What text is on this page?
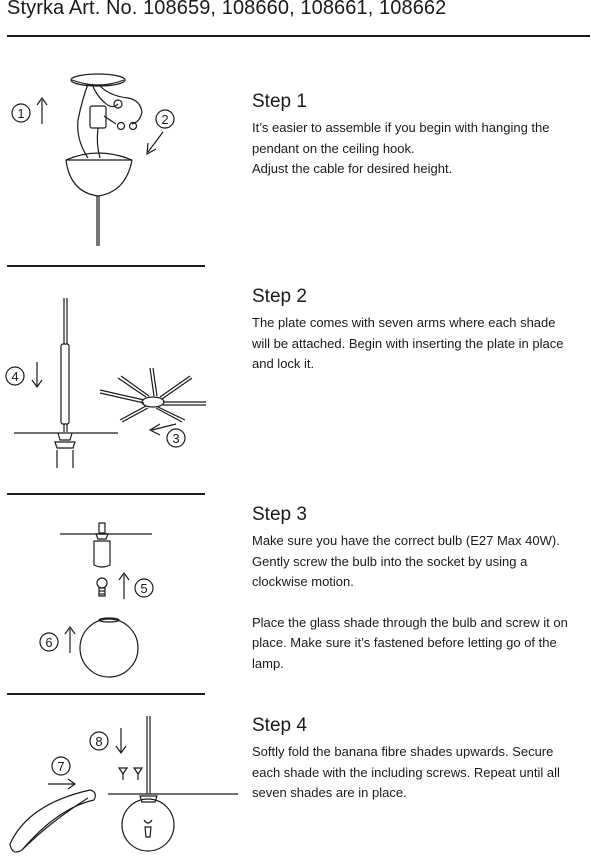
Styrka Art. No. 108659, 108660, 108661, 108662
1	2
Step 1

It’s easier to assemble if you begin with hanging the
pendant on the ceiling hook.
Adjust the cable for desired height.

4
3
Step 2

The plate comes with seven arms where each shade
will be attached. Begin with inserting the plate in place
and lock it.

5
6
Step 3

Make sure you have the correct bulb (E27 Max 40W).
Gently screw the bulb into the socket by using a
clockwise motion.

Place the glass shade through the bulb and screw it on
place. Make sure it’s fastened before letting go of the
lamp.

7
8
Step 4

Softly fold the banana fibre shades upwards. Secure
each shade with the including screws. Repeat until all
seven shades are in place.
